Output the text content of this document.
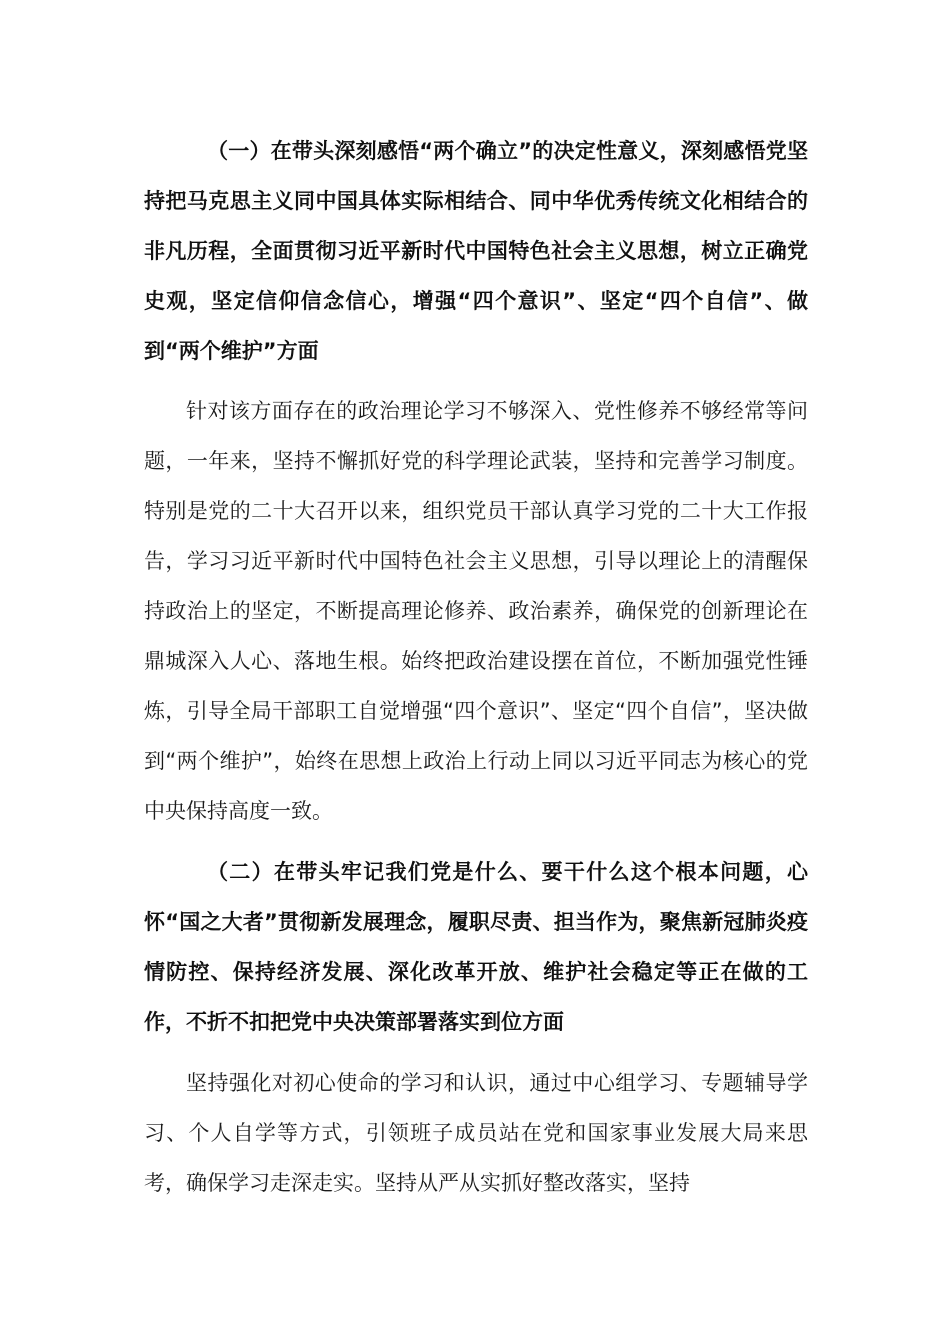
（一）在带头深刻感悟“两个确立”的决定性意义，深刻感悟党坚持把马克思主义同中国具体实际相结合、同中华优秀传统文化相结合的非凡历程，全面贯彻习近平新时代中国特色社会主义思想，树立正确党史观，坚定信仰信念信心，增强“四个意识”、坚定“四个自信”、做到“两个维护”方面

针对该方面存在的政治理论学习不够深入、党性修养不够经常等问题，一年来，坚持不懈抓好党的科学理论武装，坚持和完善学习制度。特别是党的二十大召开以来，组织党员干部认真学习党的二十大工作报告，学习习近平新时代中国特色社会主义思想，引导以理论上的清醒保持政治上的坚定，不断提高理论修养、政治素养，确保党的创新理论在鼎城深入人心、落地生根。始终把政治建设摆在首位，不断加强党性锤炼，引导全局干部职工自觉增强“四个意识”、坚定“四个自信”，坚决做到“两个维护”，始终在思想上政治上行动上同以习近平同志为核心的党中央保持高度一致。

（二）在带头牢记我们党是什么、要干什么这个根本问题，心怀“国之大者”贯彻新发展理念，履职尽责、担当作为，聚焦新冠肺炎疫情防控、保持经济发展、深化改革开放、维护社会稳定等正在做的工作，不折不扣把党中央决策部署落实到位方面

坚持强化对初心使命的学习和认识，通过中心组学习、专题辅导学习、个人自学等方式，引领班子成员站在党和国家事业发展大局来思考，确保学习走深走实。坚持从严从实抓好整改落实，坚持
